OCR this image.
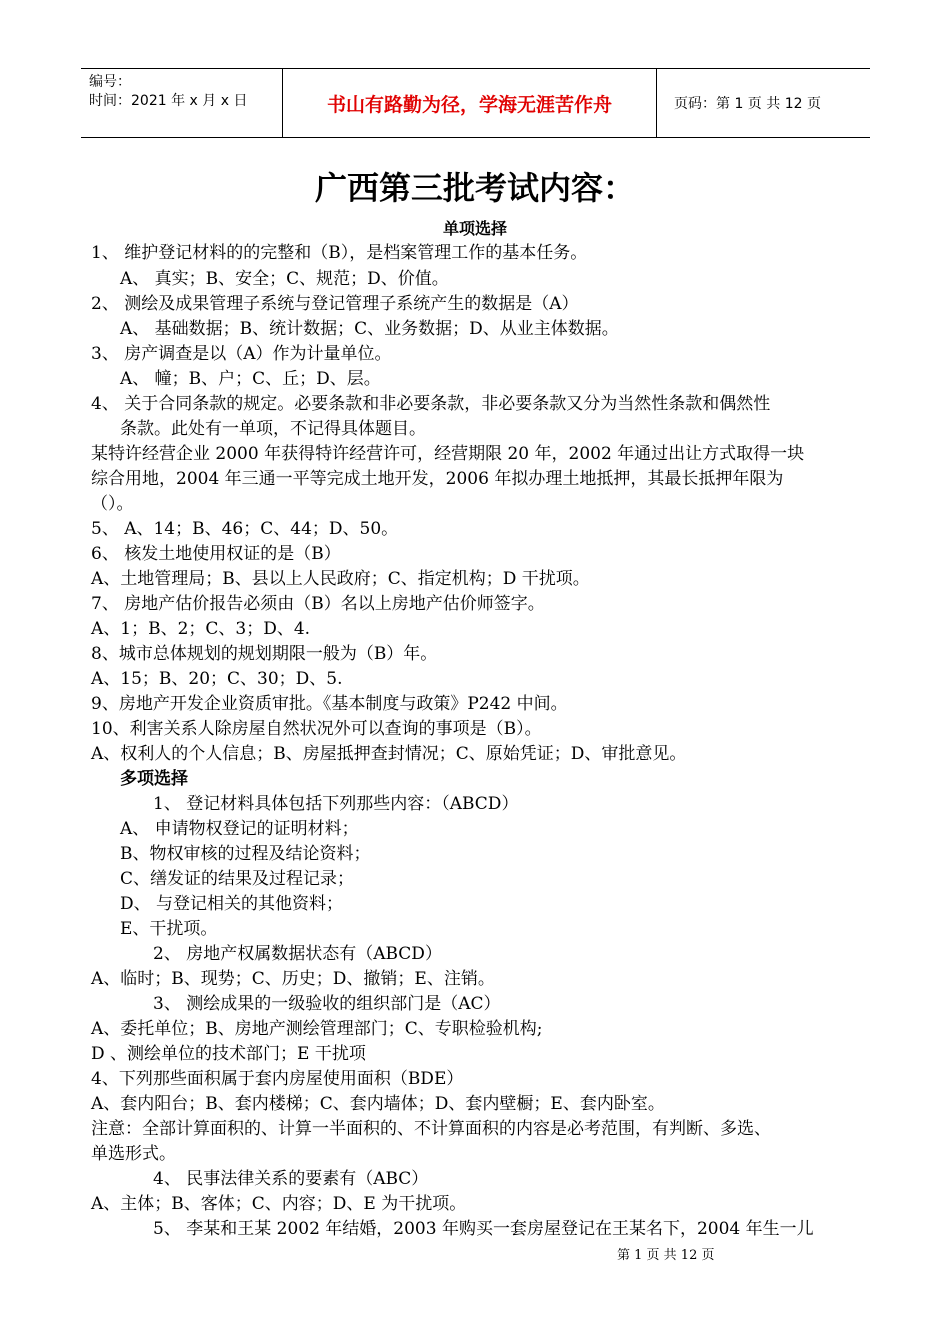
编号：
时间：2021 年 x 月 x 日	书山有路勤为径，学海无涯苦作舟	页码：第 1 页 共 12 页
广西第三批考试内容：
单项选择
1、 维护登记材料的的完整和（B），是档案管理工作的基本任务。
A、 真实；B、安全；C、规范；D、价值。
2、 测绘及成果管理子系统与登记管理子系统产生的数据是（A）
A、 基础数据；B、统计数据；C、业务数据；D、从业主体数据。
3、 房产调查是以（A）作为计量单位。
A、 幢；B、户；C、丘；D、层。
4、 关于合同条款的规定。必要条款和非必要条款，非必要条款又分为当然性条款和偶然性
条款。此处有一单项，不记得具体题目。
某特许经营企业 2000 年获得特许经营许可，经营期限 20 年，2002 年通过出让方式取得一块
综合用地，2004 年三通一平等完成土地开发，2006 年拟办理土地抵押，其最长抵押年限为
（）。
5、 A、14；B、46；C、44；D、50。
6、 核发土地使用权证的是（B）
A、土地管理局；B、县以上人民政府；C、指定机构；D 干扰项。
7、 房地产估价报告必须由（B）名以上房地产估价师签字。
A、1；B、2；C、3；D、4.
8、城市总体规划的规划期限一般为（B）年。
A、15；B、20；C、30；D、5.
9、房地产开发企业资质审批。《基本制度与政策》P242 中间。
10、利害关系人除房屋自然状况外可以查询的事项是（B）。
A、权利人的个人信息；B、房屋抵押查封情况；C、原始凭证；D、审批意见。
多项选择
1、 登记材料具体包括下列那些内容：（ABCD）
A、 申请物权登记的证明材料；
B、物权审核的过程及结论资料；
C、缮发证的结果及过程记录；
D、 与登记相关的其他资料；
E、干扰项。
2、 房地产权属数据状态有（ABCD）
A、临时；B、现势；C、历史；D、撤销；E、注销。
3、 测绘成果的一级验收的组织部门是（AC）
A、委托单位；B、房地产测绘管理部门；C、专职检验机构;
D 、测绘单位的技术部门；E 干扰项
4、下列那些面积属于套内房屋使用面积（BDE）
A、套内阳台；B、套内楼梯；C、套内墙体；D、套内壁橱；E、套内卧室。
注意：全部计算面积的、计算一半面积的、不计算面积的内容是必考范围，有判断、多选、
单选形式。
4、 民事法律关系的要素有（ABC）
A、主体；B、客体；C、内容；D、E 为干扰项。
5、 李某和王某 2002 年结婚，2003 年购买一套房屋登记在王某名下，2004 年生一儿
第 1 页 共 12 页
